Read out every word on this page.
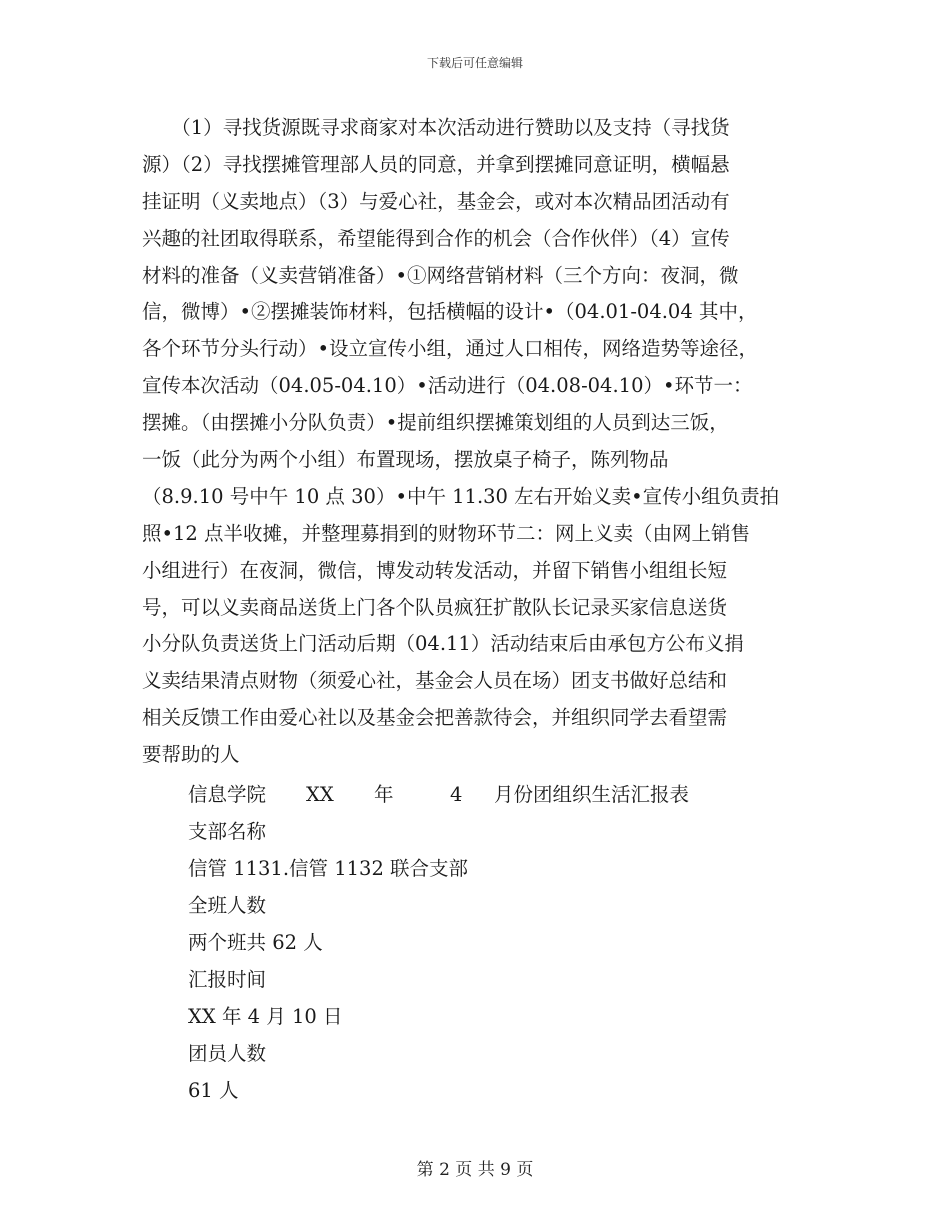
下载后可任意编辑
　　（1）寻找货源既寻求商家对本次活动进行赞助以及支持（寻找货
源）（2）寻找摆摊管理部人员的同意，并拿到摆摊同意证明，横幅悬
挂证明（义卖地点）（3）与爱心社，基金会，或对本次精品团活动有
兴趣的社团取得联系，希望能得到合作的机会（合作伙伴）（4）宣传
材料的准备（义卖营销准备）•①网络营销材料（三个方向：夜洞，微
信，微博）•②摆摊装饰材料，包括横幅的设计•（04.01-04.04 其中，
各个环节分头行动）•设立宣传小组，通过人口相传，网络造势等途径，
宣传本次活动（04.05-04.10）•活动进行（04.08-04.10）•环节一：
摆摊。（由摆摊小分队负责）•提前组织摆摊策划组的人员到达三饭，
一饭（此分为两个小组）布置现场，摆放桌子椅子，陈列物品
（8.9.10 号中午 10 点 30）•中午 11.30 左右开始义卖•宣传小组负责拍
照•12 点半收摊，并整理募捐到的财物环节二：网上义卖（由网上销售
小组进行）在夜洞，微信，博发动转发活动，并留下销售小组组长短
号，可以义卖商品送货上门各个队员疯狂扩散队长记录买家信息送货
小分队负责送货上门活动后期（04.11）活动结束后由承包方公布义捐
义卖结果清点财物（须爱心社，基金会人员在场）团支书做好总结和
相关反馈工作由爱心社以及基金会把善款待会，并组织同学去看望需
要帮助的人
信息学院 XX 年	4 月份团组织生活汇报表
支部名称
信管 1131.信管 1132 联合支部
全班人数
两个班共 62 人
汇报时间
XX 年 4 月 10 日
团员人数
61 人
第 2 页 共 9 页
